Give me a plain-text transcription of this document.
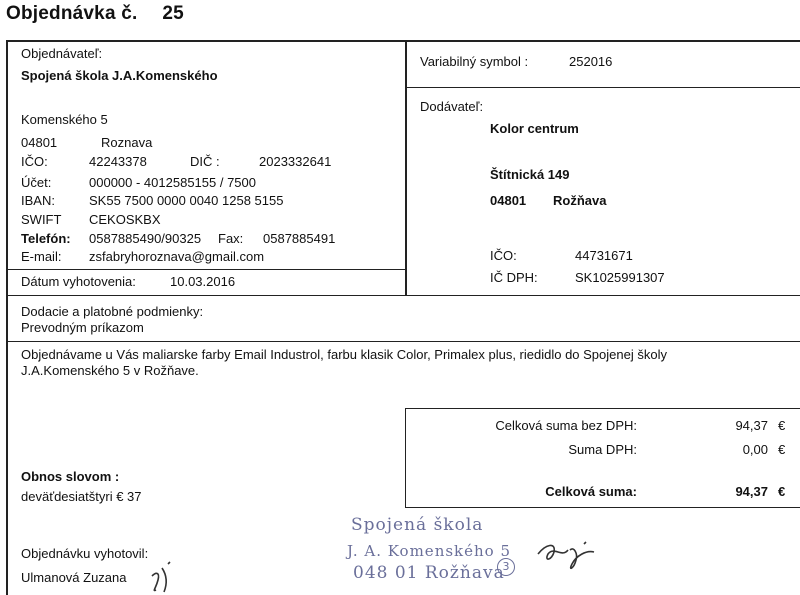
Objednávka č. 25
Objednávateľ:
Spojená škola J.A.Komenského
Komenského 5
04801	Roznava
IČO:	42243378	DIČ :	2023332641
Účet:	000000 - 4012585155 / 7500
IBAN:	SK55 7500 0000 0040 1258 5155
SWIFT CEKOSKBX
Telefón: 0587885490/90325 Fax: 0587885491
E-mail: zsfabryhoroznava@gmail.com
Dátum vyhotovenia:	10.03.2016
Variabilný symbol :	252016
Dodávateľ:
Kolor centrum
Štítnická 149
04801 Rožňava
IČO:	44731671
IČ DPH:	SK1025991307
Dodacie a platobné podmienky:
Prevodným príkazom
Objednávame u Vás maliarske farby Email Industrol, farbu klasik Color, Primalex plus, riedidlo do Spojenej školy
J.A.Komenského 5 v Rožňave.
Celková suma bez DPH:	94,37 €
Suma DPH:	0,00 €
Celková suma:	94,37 €
Obnos slovom :
deväťdesiatštyri € 37
Objednávku vyhotovil:
Ulmanová Zuzana
Spojená škola
J. A. Komenského 5
048 01 Rožňava
3
